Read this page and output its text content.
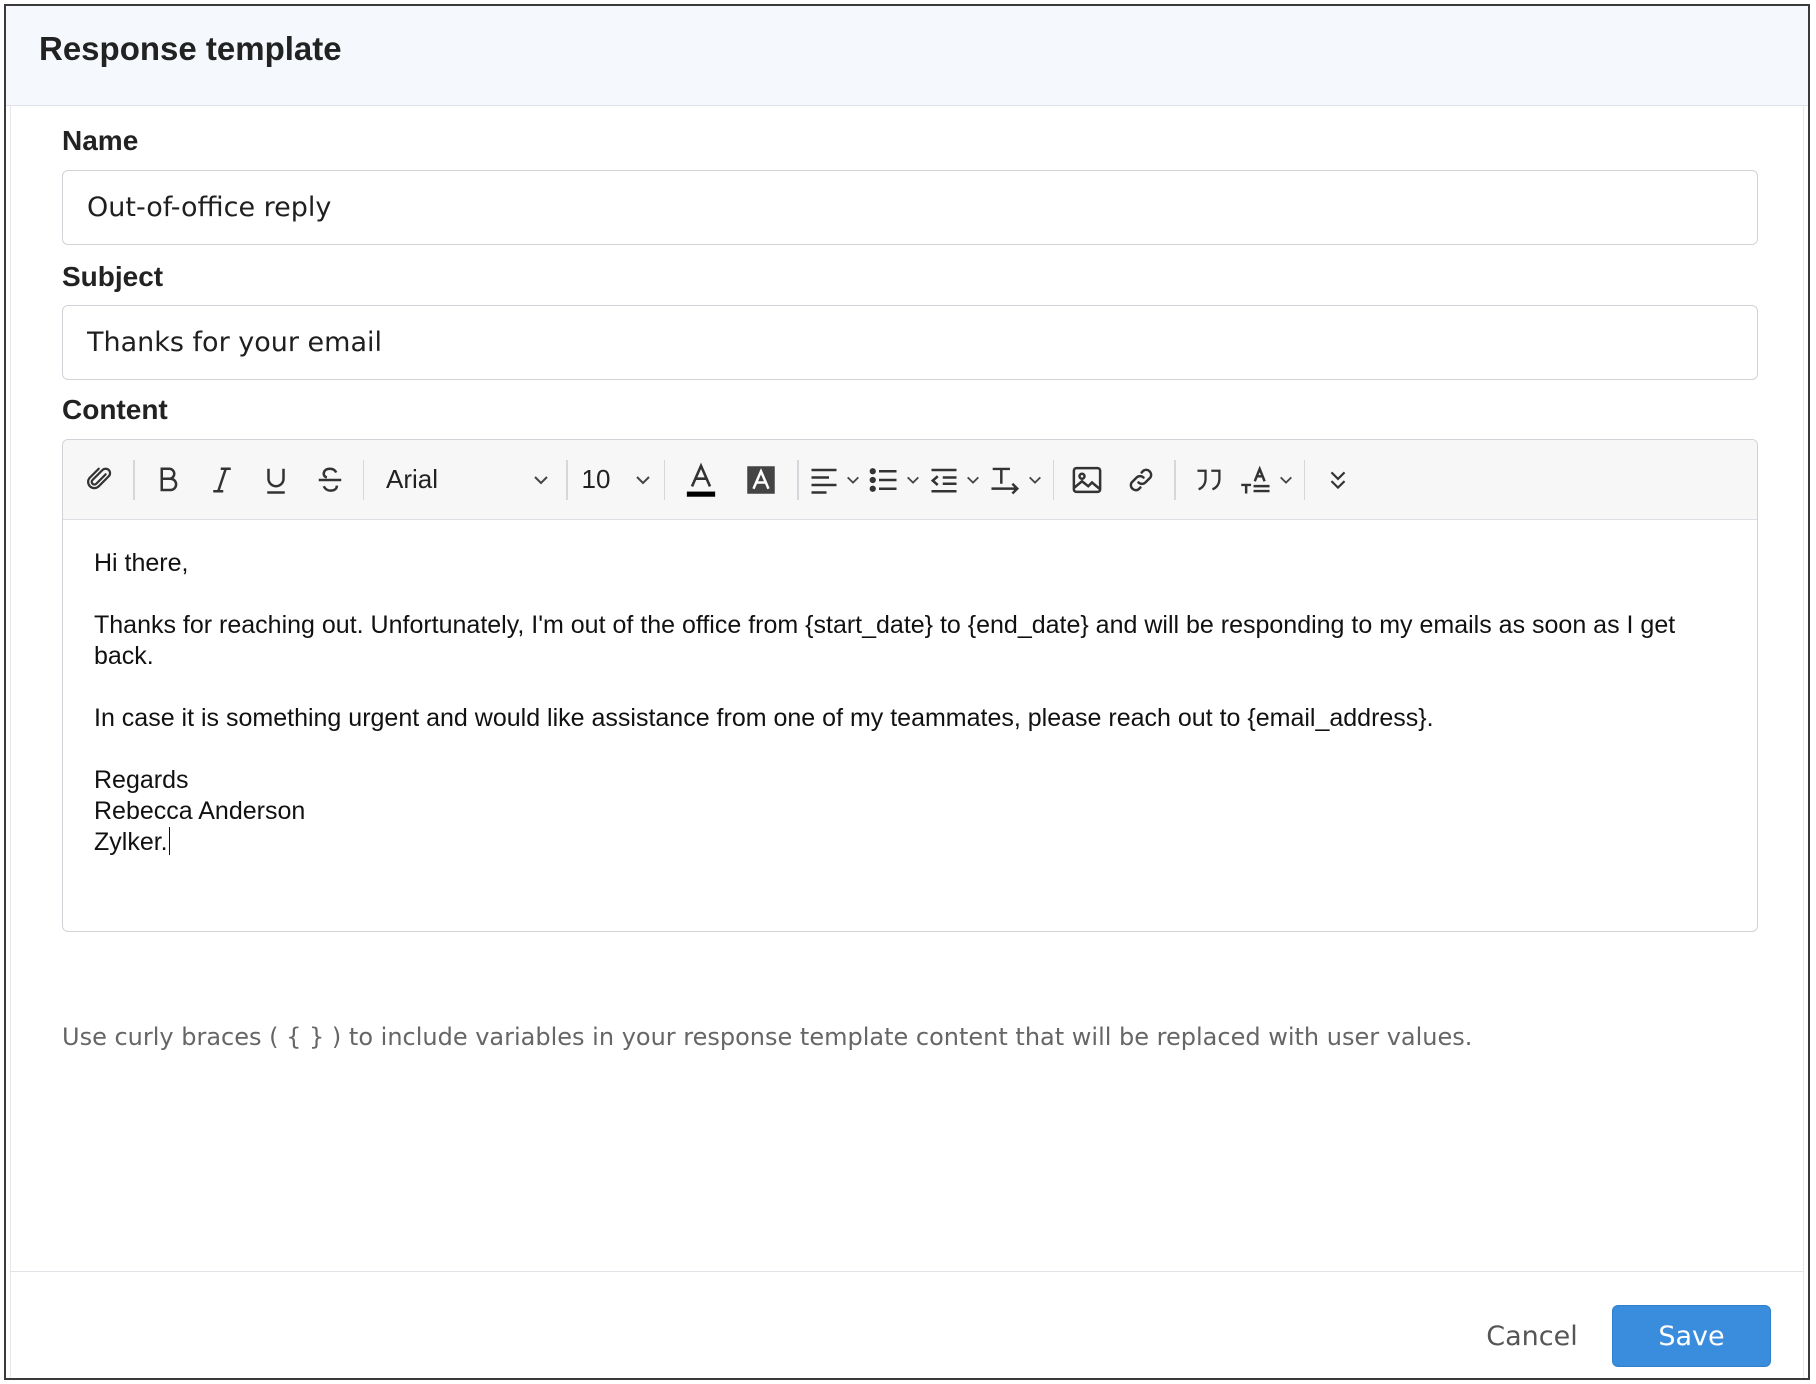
Response template
Name
Out-of-office reply
Subject
Thanks for your email
Content
Arial	10

Hi there,

Thanks for reaching out. Unfortunately, I'm out of the office from {start_date} to {end_date} and will be responding to my emails as soon as I get back.

In case it is something urgent and would like assistance from one of my teammates, please reach out to {email_address}.

Regards

Rebecca Anderson

Zylker.

Use curly braces ( { } ) to include variables in your response template content that will be replaced with user values.
Cancel	Save
